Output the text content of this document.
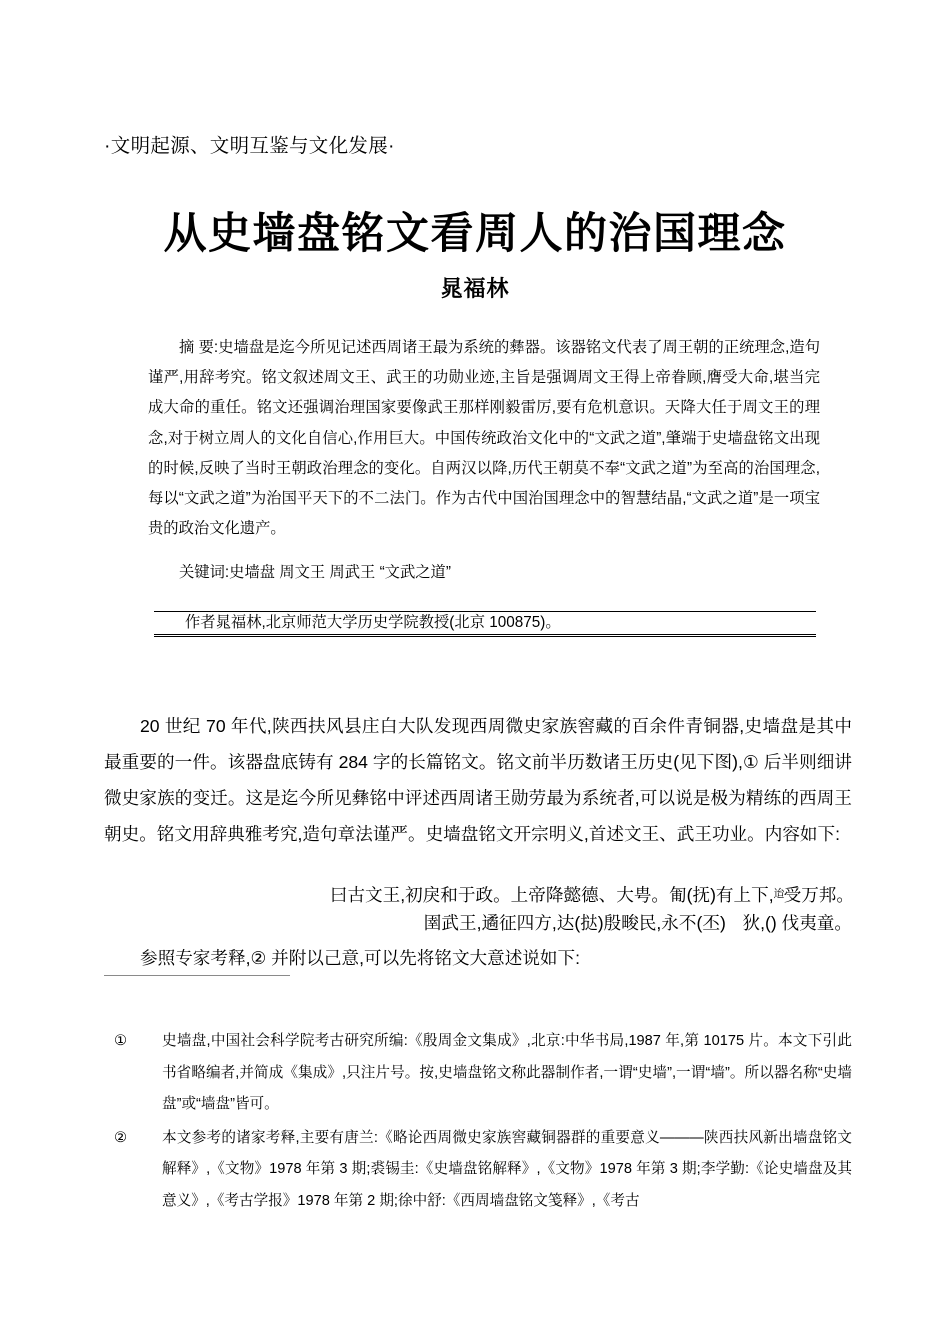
·文明起源、文明互鉴与文化发展·
从史墙盘铭文看周人的治国理念
晁福林

摘 要:史墙盘是迄今所见记述西周诸王最为系统的彝器。该器铭文代表了周王朝的正统理念,造句谨严,用辞考究。铭文叙述周文王、武王的功勋业迹,主旨是强调周文王得上帝眷顾,膺受大命,堪当完成大命的重任。铭文还强调治理国家要像武王那样刚毅雷厉,要有危机意识。天降大任于周文王的理念,对于树立周人的文化自信心,作用巨大。中国传统政治文化中的“文武之道”,肇端于史墙盘铭文出现的时候,反映了当时王朝政治理念的变化。自两汉以降,历代王朝莫不奉“文武之道”为至高的治国理念,每以“文武之道”为治国平天下的不二法门。作为古代中国治国理念中的智慧结晶,“文武之道”是一项宝贵的政治文化遗产。

关键词:史墙盘 周文王 周武王 “文武之道”

作者晁福林,北京师范大学历史学院教授(北京 100875)。

20 世纪 70 年代,陕西扶风县庄白大队发现西周微史家族窖藏的百余件青铜器,史墙盘是其中最重要的一件。该器盘底铸有 284 字的长篇铭文。铭文前半历数诸王历史(见下图),① 后半则细讲微史家族的变迁。这是迄今所见彝铭中评述西周诸王勋劳最为系统者,可以说是极为精练的西周王朝史。铭文用辞典雅考究,造句章法谨严。史墙盘铭文开宗明义,首述文王、武王功业。内容如下:

曰古文王,初戾和于政。上帝降懿德、大甹。匍(抚)有上下,$^迨$受万邦。
圉武王,遹征四方,达(挞)殷畯民,永不(丕) 狄,() 伐夷童。
参照专家考释,② 并附以己意,可以先将铭文大意述说如下:
①	史墙盘,中国社会科学院考古研究所编:《殷周金文集成》,北京:中华书局,1987 年,第 10175 片。本文下引此书省略编者,并简成《集成》,只注片号。按,史墙盘铭文称此器制作者,一谓“史墙”,一谓“墙”。所以器名称“史墙盘”或“墙盘”皆可。
②	本文参考的诸家考释,主要有唐兰:《略论西周微史家族窖藏铜器群的重要意义———陕西扶风新出墙盘铭文解释》,《文物》1978 年第 3 期;裘锡圭:《史墙盘铭解释》,《文物》1978 年第 3 期;李学勤:《论史墙盘及其意义》,《考古学报》1978 年第 2 期;徐中舒:《西周墙盘铭文笺释》,《考古
